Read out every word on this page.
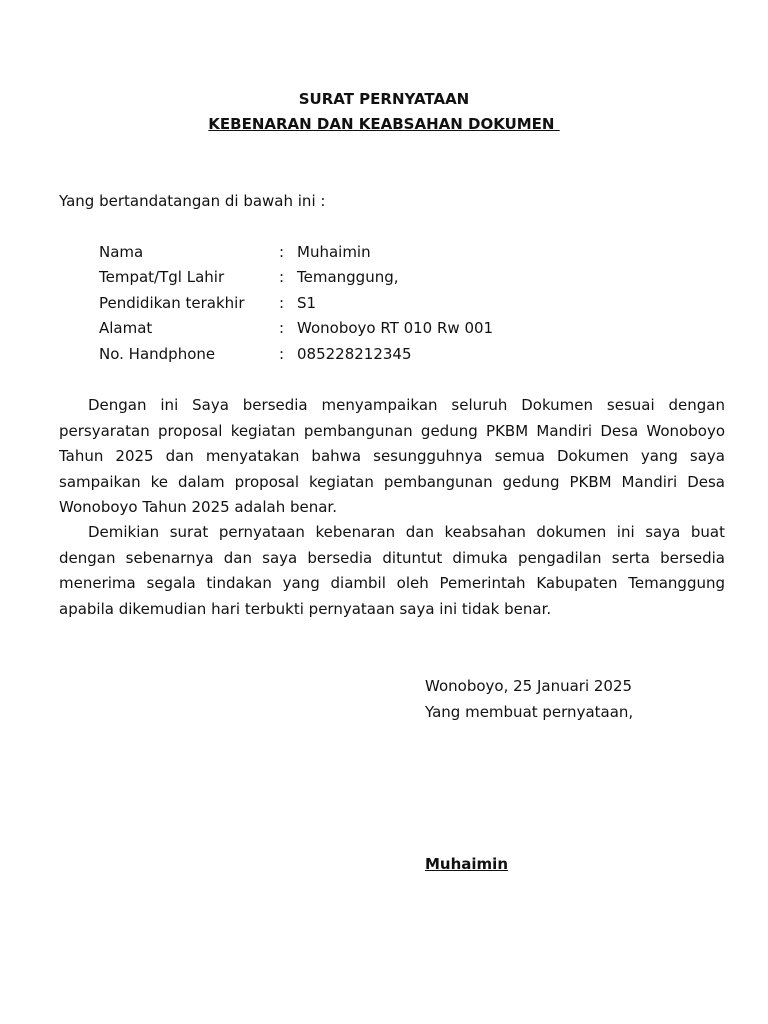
SURAT PERNYATAAN
KEBENARAN DAN KEABSAHAN DOKUMEN
Yang bertandatangan di bawah ini :
Nama	: Muhaimin
Tempat/Tgl Lahir	: Temanggung,
Pendidikan terakhir : S1
Alamat	: Wonoboyo RT 010 Rw 001
No. Handphone	: 085228212345

Dengan ini Saya bersedia menyampaikan seluruh Dokumen sesuai dengan persyaratan proposal kegiatan pembangunan gedung PKBM Mandiri Desa Wonoboyo Tahun 2025 dan menyatakan bahwa sesungguhnya semua Dokumen yang saya sampaikan ke dalam proposal kegiatan pembangunan gedung PKBM Mandiri Desa Wonoboyo Tahun 2025 adalah benar.

Demikian surat pernyataan kebenaran dan keabsahan dokumen ini saya buat dengan sebenarnya dan saya bersedia dituntut dimuka pengadilan serta bersedia menerima segala tindakan yang diambil oleh Pemerintah Kabupaten Temanggung apabila dikemudian hari terbukti pernyataan saya ini tidak benar.

Wonoboyo, 25 Januari 2025
Yang membuat pernyataan,
Muhaimin
